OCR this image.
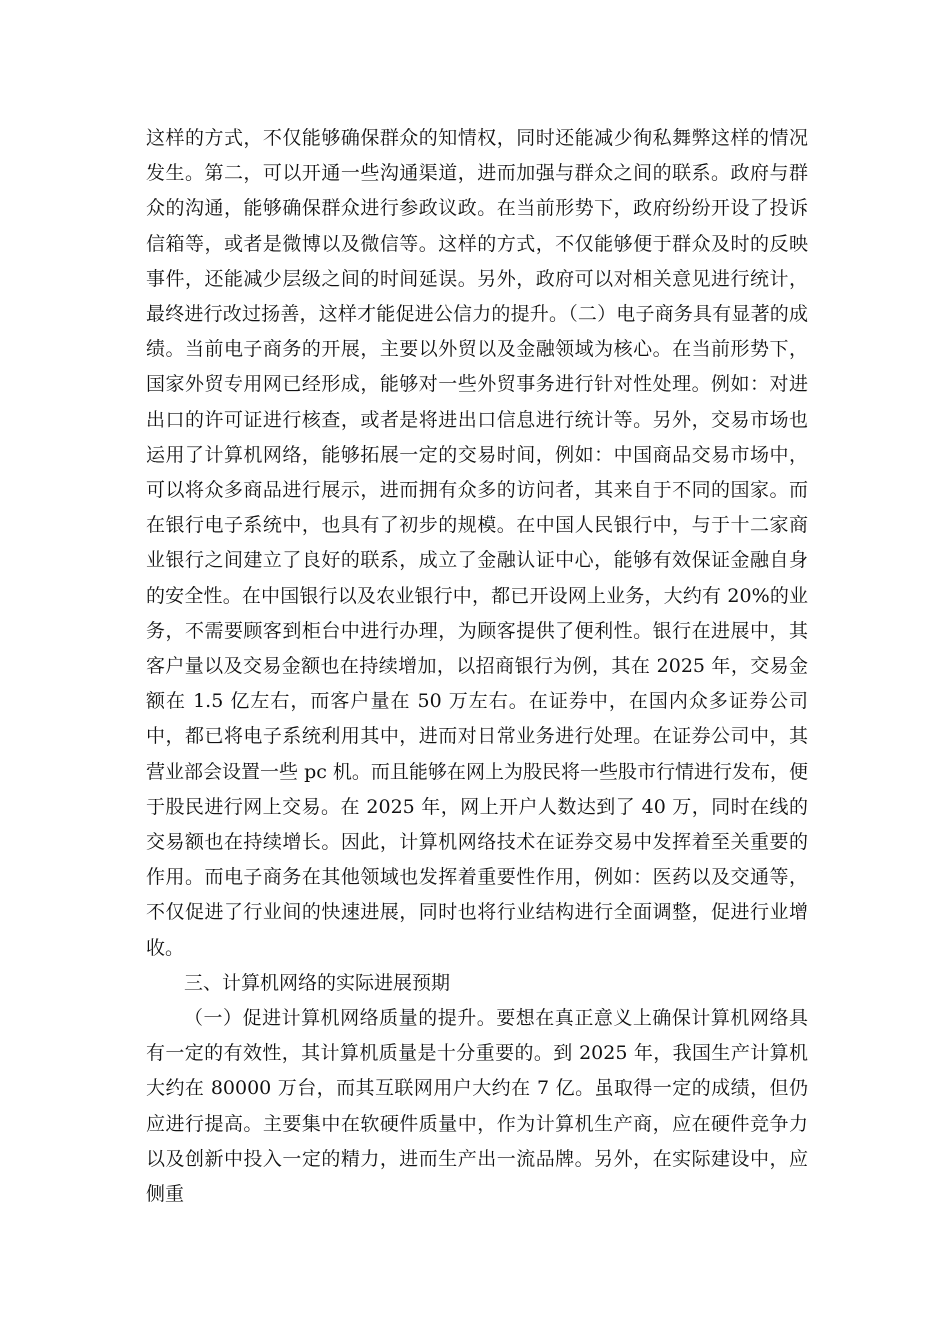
这样的方式，不仅能够确保群众的知情权，同时还能减少徇私舞弊这样的情况发生。第二，可以开通一些沟通渠道，进而加强与群众之间的联系。政府与群众的沟通，能够确保群众进行参政议政。在当前形势下，政府纷纷开设了投诉信箱等，或者是微博以及微信等。这样的方式，不仅能够便于群众及时的反映事件，还能减少层级之间的时间延误。另外，政府可以对相关意见进行统计，最终进行改过扬善，这样才能促进公信力的提升。（二）电子商务具有显著的成绩。当前电子商务的开展，主要以外贸以及金融领域为核心。在当前形势下，国家外贸专用网已经形成，能够对一些外贸事务进行针对性处理。例如：对进出口的许可证进行核查，或者是将进出口信息进行统计等。另外，交易市场也运用了计算机网络，能够拓展一定的交易时间，例如：中国商品交易市场中，可以将众多商品进行展示，进而拥有众多的访问者，其来自于不同的国家。而在银行电子系统中，也具有了初步的规模。在中国人民银行中，与于十二家商业银行之间建立了良好的联系，成立了金融认证中心，能够有效保证金融自身的安全性。在中国银行以及农业银行中，都已开设网上业务，大约有 20%的业务，不需要顾客到柜台中进行办理，为顾客提供了便利性。银行在进展中，其客户量以及交易金额也在持续增加，以招商银行为例，其在 2025 年，交易金额在 1.5 亿左右，而客户量在 50 万左右。在证券中，在国内众多证券公司中，都已将电子系统利用其中，进而对日常业务进行处理。在证券公司中，其营业部会设置一些 pc 机。而且能够在网上为股民将一些股市行情进行发布，便于股民进行网上交易。在 2025 年，网上开户人数达到了 40 万，同时在线的交易额也在持续增长。因此，计算机网络技术在证券交易中发挥着至关重要的作用。而电子商务在其他领域也发挥着重要性作用，例如：医药以及交通等，不仅促进了行业间的快速进展，同时也将行业结构进行全面调整，促进行业增收。

三、计算机网络的实际进展预期

（一）促进计算机网络质量的提升。要想在真正意义上确保计算机网络具有一定的有效性，其计算机质量是十分重要的。到 2025 年，我国生产计算机大约在 80000 万台，而其互联网用户大约在 7 亿。虽取得一定的成绩，但仍应进行提高。主要集中在软硬件质量中，作为计算机生产商，应在硬件竞争力以及创新中投入一定的精力，进而生产出一流品牌。另外，在实际建设中，应侧重
